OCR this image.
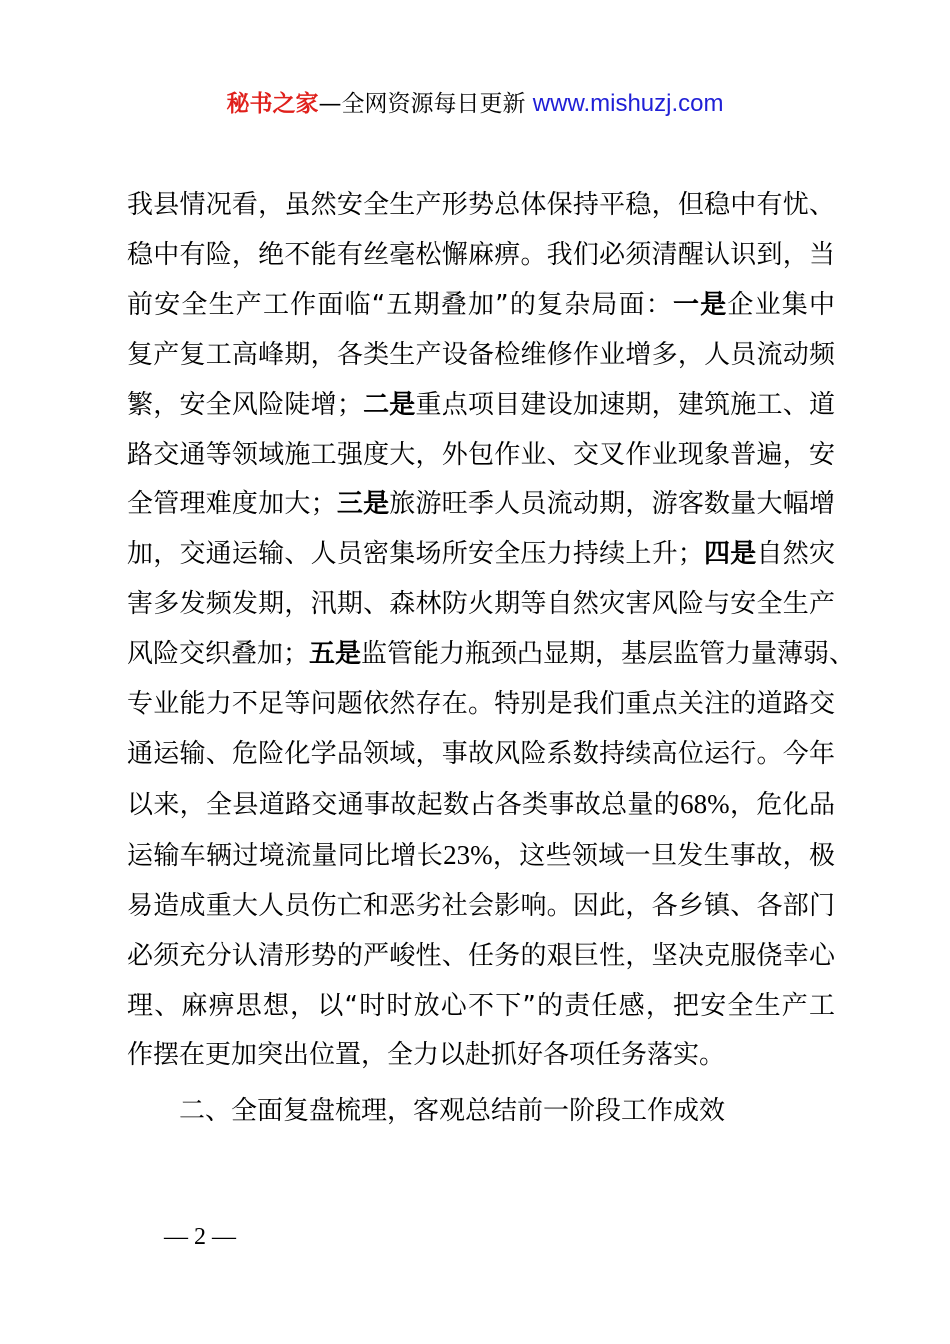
秘书之家—全网资源每日更新 www.mishuzj.com
我县情况看，虽然安全生产形势总体保持平稳，但稳中有忧、
稳中有险，绝不能有丝毫松懈麻痹。我们必须清醒认识到，当
前安全生产工作面临“五期叠加”的复杂局面：一是企业集中
复产复工高峰期，各类生产设备检维修作业增多，人员流动频
繁，安全风险陡增；二是重点项目建设加速期，建筑施工、道
路交通等领域施工强度大，外包作业、交叉作业现象普遍，安
全管理难度加大；三是旅游旺季人员流动期，游客数量大幅增
加，交通运输、人员密集场所安全压力持续上升；四是自然灾
害多发频发期，汛期、森林防火期等自然灾害风险与安全生产
风险交织叠加；五是监管能力瓶颈凸显期，基层监管力量薄弱、
专业能力不足等问题依然存在。特别是我们重点关注的道路交
通运输、危险化学品领域，事故风险系数持续高位运行。今年
以来，全县道路交通事故起数占各类事故总量的68%，危化品
运输车辆过境流量同比增长23%，这些领域一旦发生事故，极
易造成重大人员伤亡和恶劣社会影响。因此，各乡镇、各部门
必须充分认清形势的严峻性、任务的艰巨性，坚决克服侥幸心
理、麻痹思想，以“时时放心不下”的责任感，把安全生产工
作摆在更加突出位置，全力以赴抓好各项任务落实。
二、全面复盘梳理，客观总结前一阶段工作成效
— 2 —
